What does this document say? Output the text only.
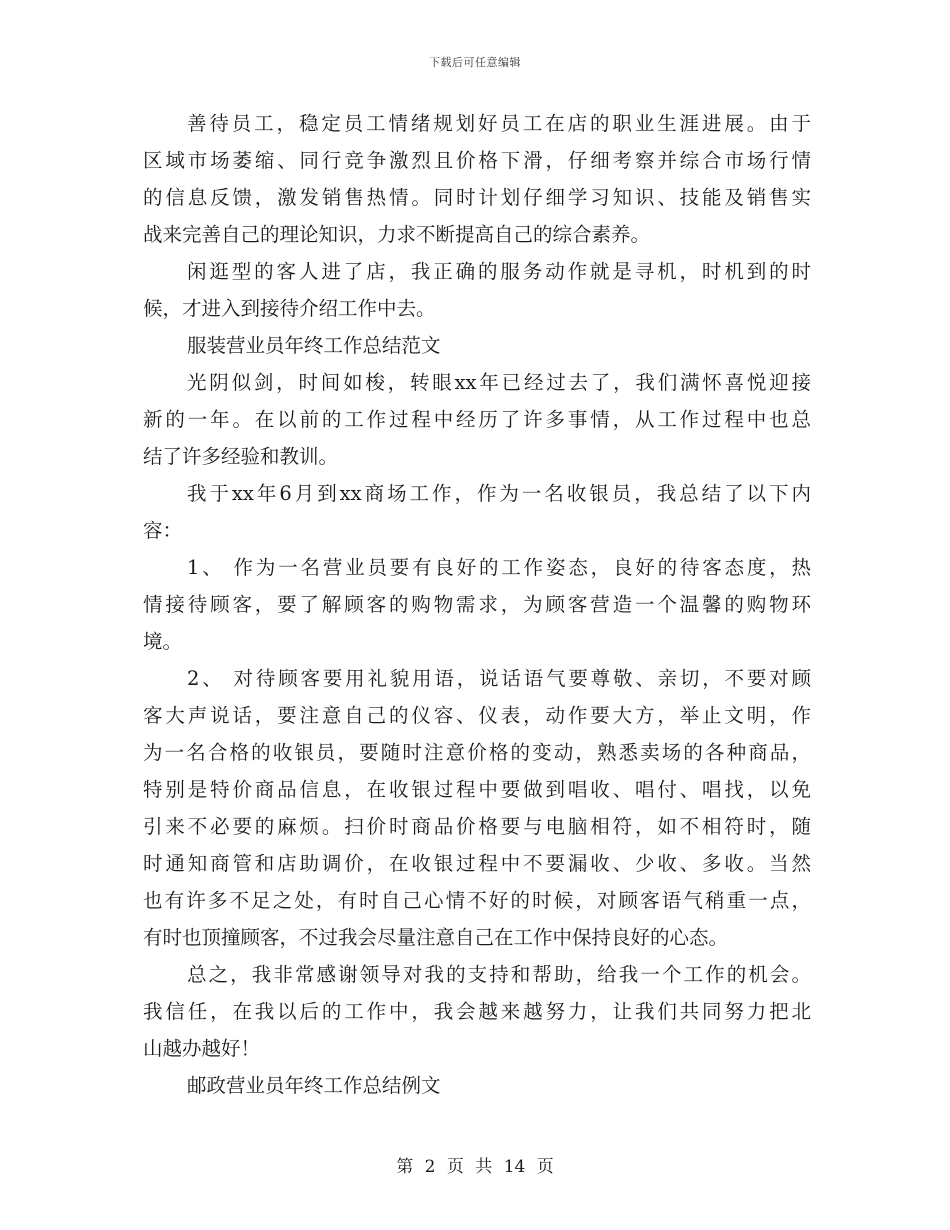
下载后可任意编辑
善待员工，稳定员工情绪规划好员工在店的职业生涯进展。由于
区域市场萎缩、同行竞争激烈且价格下滑，仔细考察并综合市场行情
的信息反馈，激发销售热情。同时计划仔细学习知识、技能及销售实
战来完善自己的理论知识，力求不断提高自己的综合素养。
闲逛型的客人进了店，我正确的服务动作就是寻机，时机到的时
候，才进入到接待介绍工作中去。
服装营业员年终工作总结范文
光阴似剑，时间如梭，转眼xx年已经过去了，我们满怀喜悦迎接
新的一年。在以前的工作过程中经历了许多事情，从工作过程中也总
结了许多经验和教训。
我于xx年6月到xx商场工作，作为一名收银员，我总结了以下内
容：
1、 作为一名营业员要有良好的工作姿态，良好的待客态度，热
情接待顾客，要了解顾客的购物需求，为顾客营造一个温馨的购物环
境。
2、 对待顾客要用礼貌用语，说话语气要尊敬、亲切，不要对顾
客大声说话，要注意自己的仪容、仪表，动作要大方，举止文明，作
为一名合格的收银员，要随时注意价格的变动，熟悉卖场的各种商品，
特别是特价商品信息，在收银过程中要做到唱收、唱付、唱找，以免
引来不必要的麻烦。扫价时商品价格要与电脑相符，如不相符时，随
时通知商管和店助调价，在收银过程中不要漏收、少收、多收。当然
也有许多不足之处，有时自己心情不好的时候，对顾客语气稍重一点，
有时也顶撞顾客，不过我会尽量注意自己在工作中保持良好的心态。
总之，我非常感谢领导对我的支持和帮助，给我一个工作的机会。
我信任，在我以后的工作中，我会越来越努力，让我们共同努力把北
山越办越好！
邮政营业员年终工作总结例文
第 2 页 共 14 页
